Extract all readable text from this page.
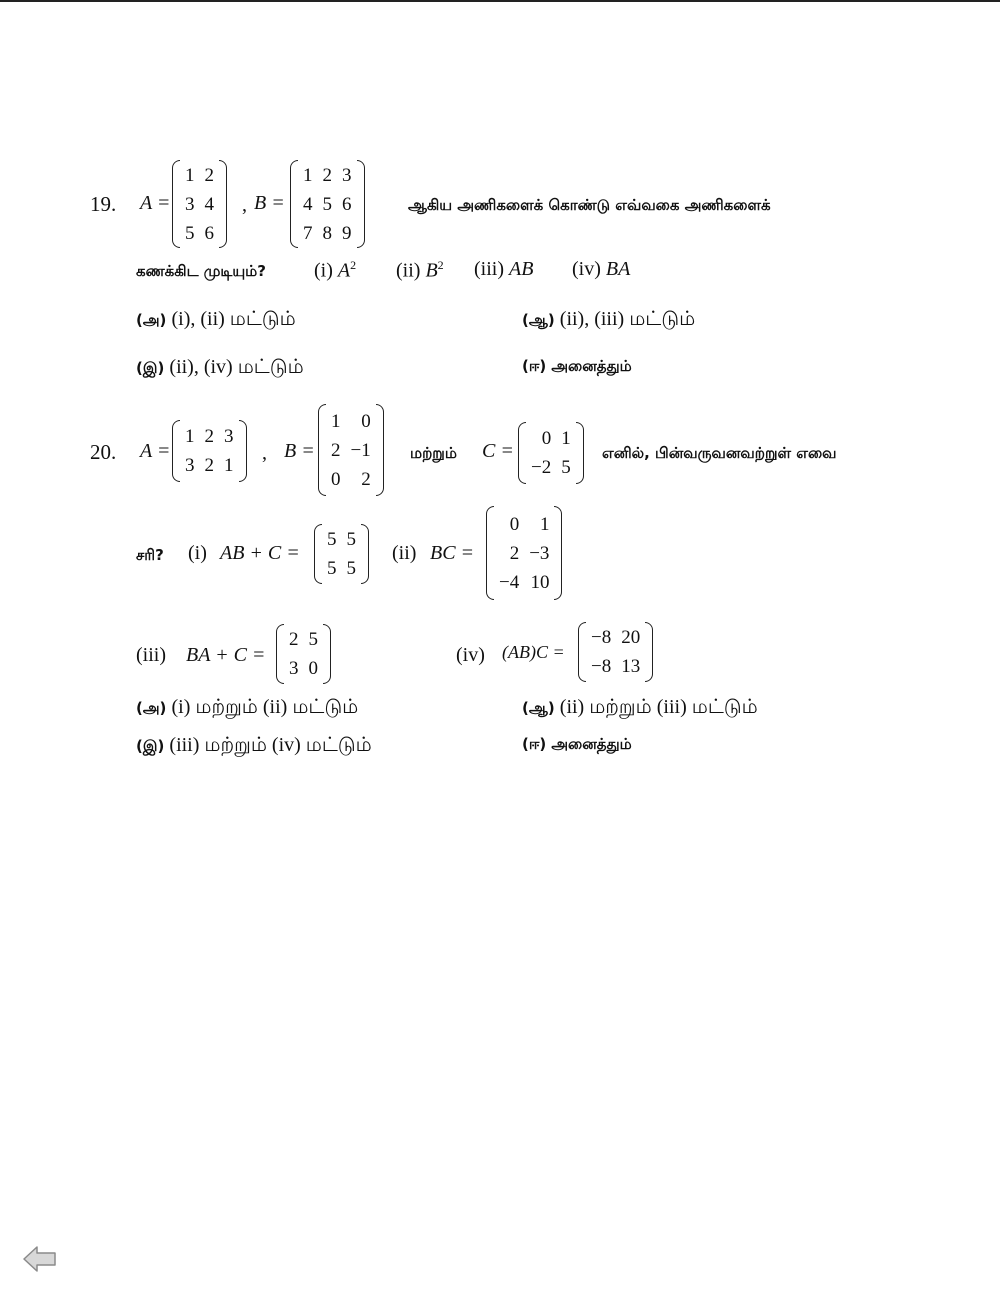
19. A =
1	2
3	4
5	6
, B =
1	2	3
4	5	6
7	8	9
ஆகிய அணிகளைக் கொண்டு எவ்வகை அணிகளைக்
கணக்கிட முடியும்? (i) $A^2$ (ii) $B^2$ (iii) AB (iv) BA
(அ) (i), (ii) மட்டும்	(ஆ) (ii), (iii) மட்டும்
(இ) (ii), (iv) மட்டும்	(ஈ) அனைத்தும்
20. A =
1	2	3
3	2	1
, B =
1	0
2	−1
0	2
மற்றும் C =
0	1
−2	5
எனில், பின்வருவனவற்றுள் எவை
சரி? (i) AB + C =
5	5
5	5
(ii) BC =
0	1
2	−3
−4	10
(iii) BA + C =
2	5
3	0
(iv) (AB)C =
−8	20
−8	13
(அ) (i) மற்றும் (ii) மட்டும்	(ஆ) (ii) மற்றும் (iii) மட்டும்
(இ) (iii) மற்றும் (iv) மட்டும்	(ஈ) அனைத்தும்
